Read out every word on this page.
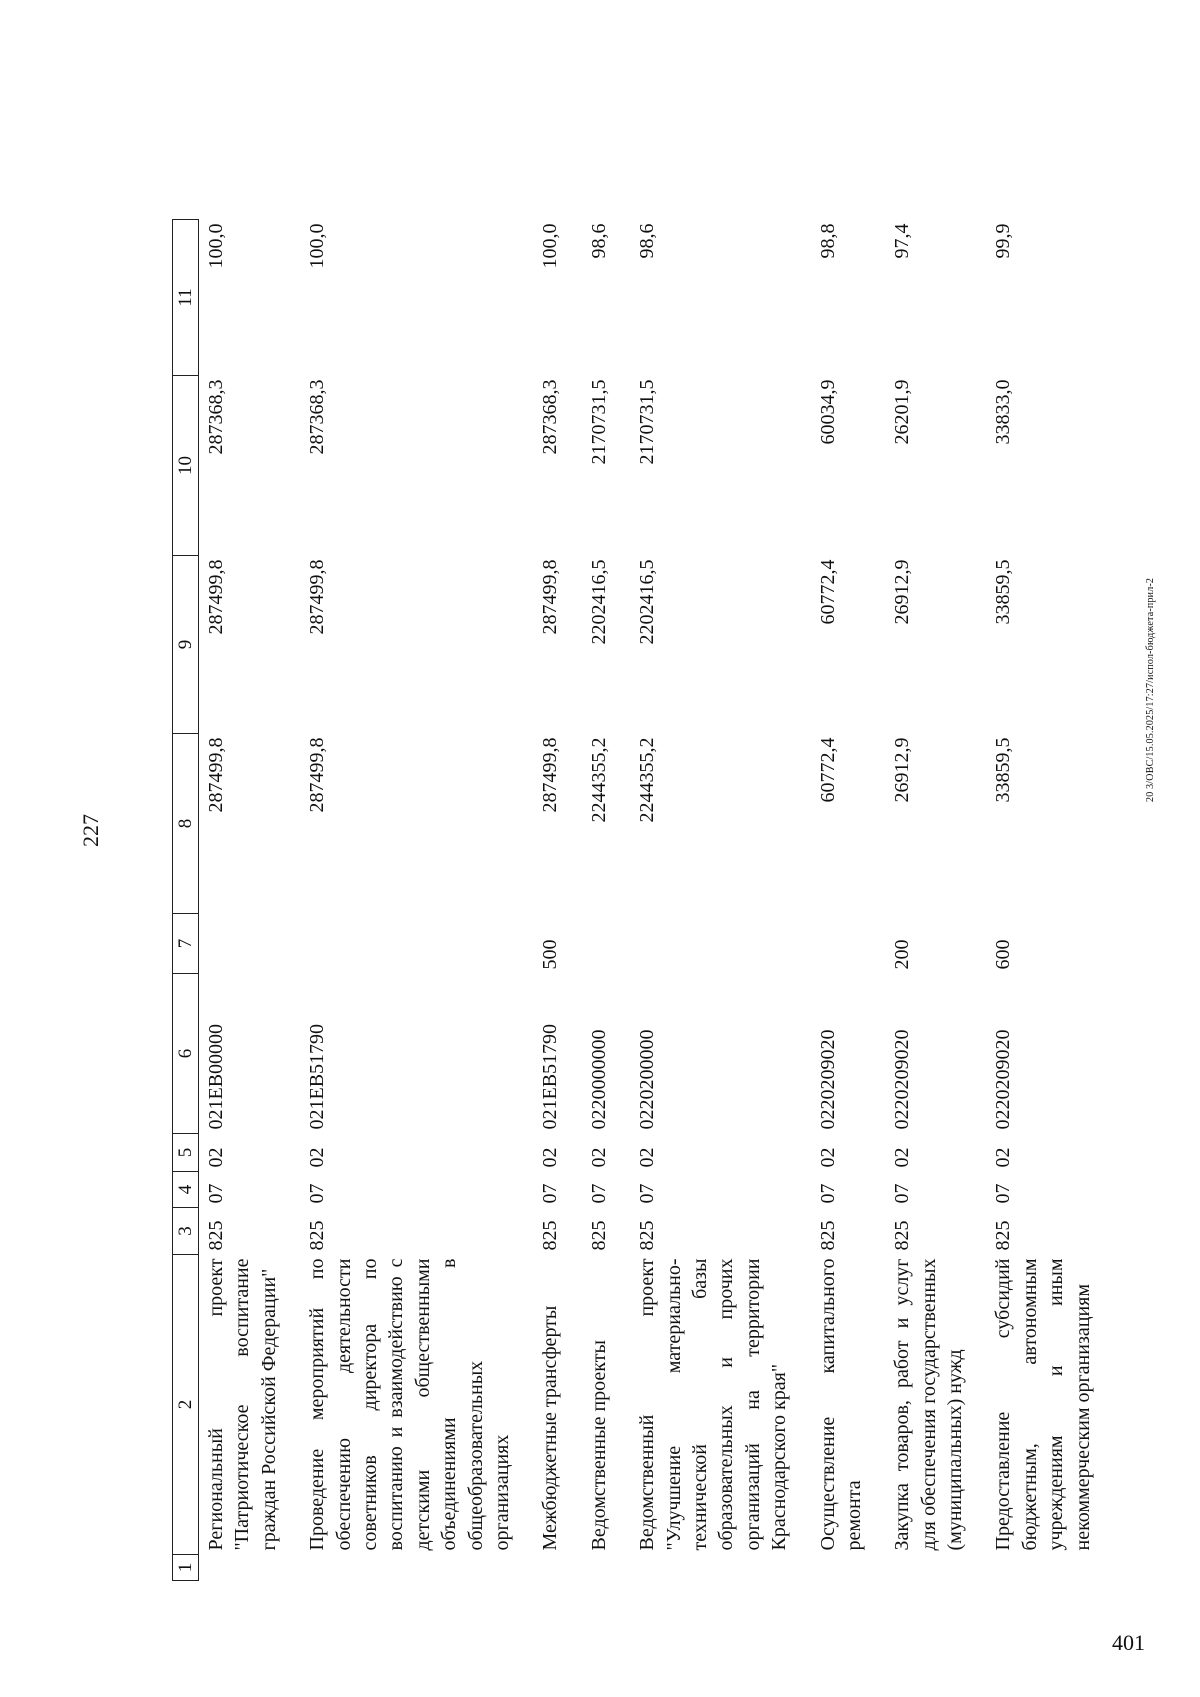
401
227
1	2	3	4	5	6	7	8	9	10	11
	Региональный проект "Патриотическое воспитание граждан Российской Федерации"	825	07	02	021ЕВ00000		287499,8	287499,8	287368,3	100,0
	Проведение мероприятий по обеспечению деятельности советников директора по воспитанию и взаимодействию с детскими общественными объединениями в общеобразовательных организациях	825	07	02	021ЕВ51790		287499,8	287499,8	287368,3	100,0
	Межбюджетные трансферты	825	07	02	021ЕВ51790	500	287499,8	287499,8	287368,3	100,0
	Ведомственные проекты	825	07	02	0220000000		2244355,2	2202416,5	2170731,5	98,6
	Ведомственный проект "Улучшение материально-технической базы образовательных и прочих организаций на территории Краснодарского края"	825	07	02	0220200000		2244355,2	2202416,5	2170731,5	98,6
	Осуществление капитального ремонта	825	07	02	0220209020		60772,4	60772,4	60034,9	98,8
	Закупка товаров, работ и услуг для обеспечения государственных (муниципальных) нужд	825	07	02	0220209020	200	26912,9	26912,9	26201,9	97,4
	Предоставление субсидий бюджетным, автономным учреждениям и иным некоммерческим организациям	825	07	02	0220209020	600	33859,5	33859,5	33833,0	99,9
20 3/ОВС/15.05.2025/17:27/испол-бюджета-прил-2
